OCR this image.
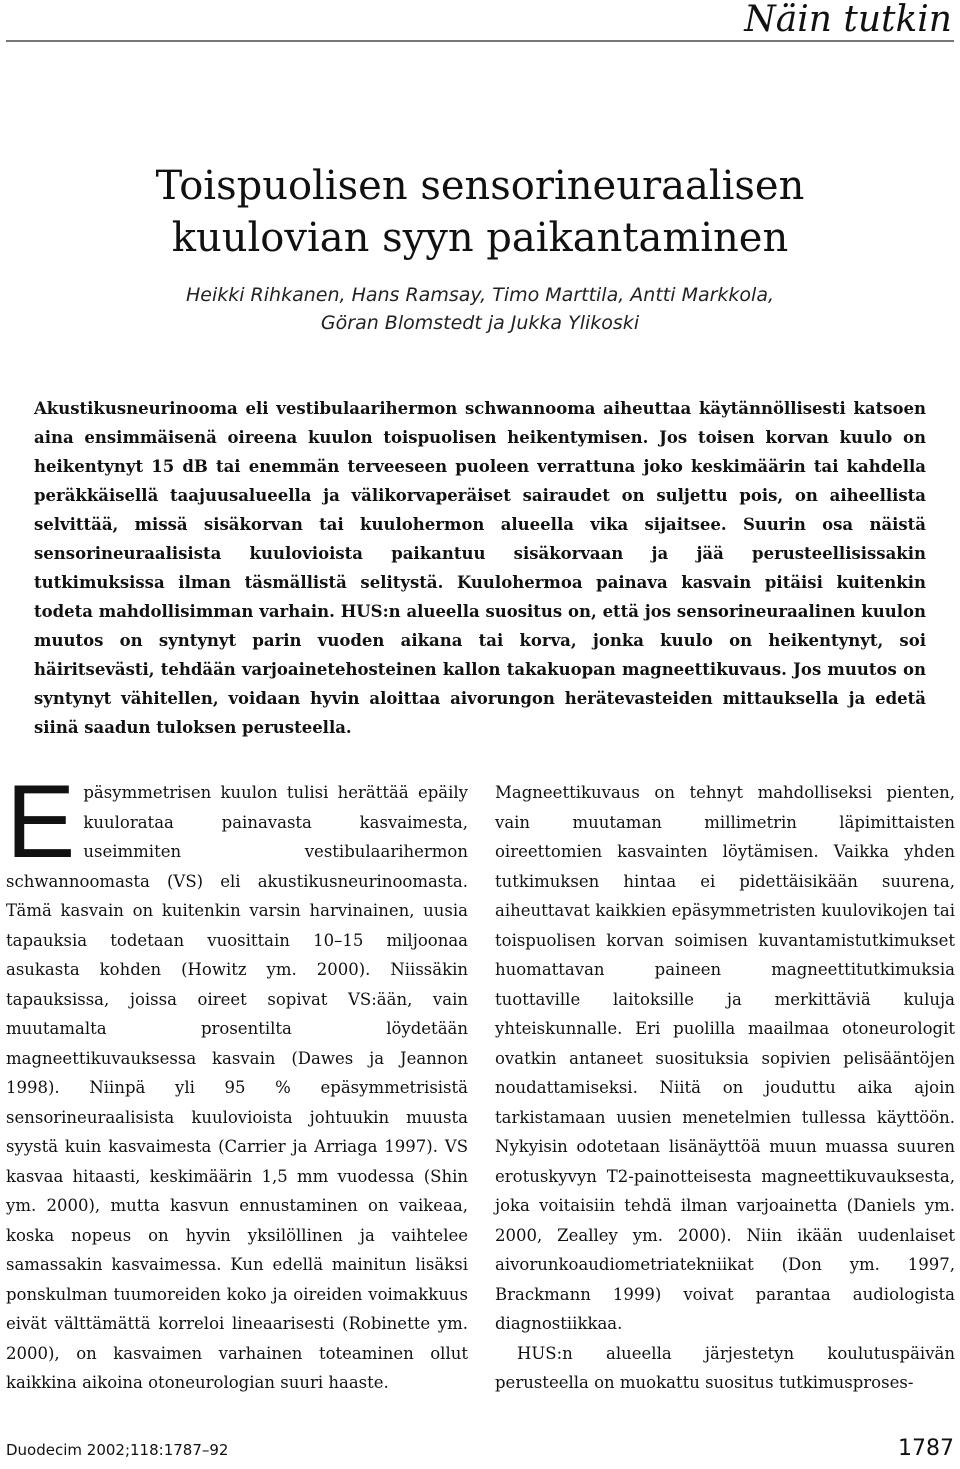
Näin tutkin
Toispuolisen sensorineuraalisen
kuulovian syyn paikantaminen
Heikki Rihkanen, Hans Ramsay, Timo Marttila, Antti Markkola,
Göran Blomstedt ja Jukka Ylikoski

Akustikusneurinooma eli vestibulaarihermon schwannooma aiheuttaa käytännöllisesti katsoen aina ensimmäisenä oireena kuulon toispuolisen heikentymisen. Jos toisen korvan kuulo on heikentynyt 15 dB tai enemmän terveeseen puoleen verrattuna joko keskimäärin tai kahdella peräkkäisellä taajuusalueella ja välikorvaperäiset sairaudet on suljettu pois, on aiheellista selvittää, missä sisäkorvan tai kuulohermon alueella vika sijaitsee. Suurin osa näistä sensorineuraalisista kuulovioista paikantuu sisäkorvaan ja jää perusteellisissakin tutkimuksissa ilman täsmällistä selitystä. Kuulohermoa painava kasvain pitäisi kuitenkin todeta mahdollisimman varhain. HUS:n alueella suositus on, että jos sensorineuraalinen kuulon muutos on syntynyt parin vuoden aikana tai korva, jonka kuulo on heikentynyt, soi häiritsevästi, tehdään varjoainetehosteinen kallon takakuopan magneettikuvaus. Jos muutos on syntynyt vähitellen, voidaan hyvin aloittaa aivorungon herätevasteiden mittauksella ja edetä siinä saadun tuloksen perusteella.

Epäsymmetrisen kuulon tulisi herättää epäily kuulorataa painavasta kasvaimesta, useimmiten vestibulaarihermon schwannoomasta (VS) eli akustikusneurinoomasta. Tämä kasvain on kuitenkin varsin harvinainen, uusia tapauksia todetaan vuosittain 10–15 miljoonaa asukasta kohden (Howitz ym. 2000). Niissäkin tapauksissa, joissa oireet sopivat VS:ään, vain muutamalta prosentilta löydetään magneettikuvauksessa kasvain (Dawes ja Jeannon 1998). Niinpä yli 95 % epäsymmetrisistä sensorineuraalisista kuulovioista johtuukin muusta syystä kuin kasvaimesta (Carrier ja Arriaga 1997). VS kasvaa hitaasti, keskimäärin 1,5 mm vuodessa (Shin ym. 2000), mutta kasvun ennustaminen on vaikeaa, koska nopeus on hyvin yksilöllinen ja vaihtelee samassakin kasvaimessa. Kun edellä mainitun lisäksi ponskulman tuumoreiden koko ja oireiden voimakkuus eivät välttämättä korreloi lineaarisesti (Robinette ym. 2000), on kasvaimen varhainen toteaminen ollut kaikkina aikoina otoneurologian suuri haaste.

Magneettikuvaus on tehnyt mahdolliseksi pienten, vain muutaman millimetrin läpimittaisten oireettomien kasvainten löytämisen. Vaikka yhden tutkimuksen hintaa ei pidettäisikään suurena, aiheuttavat kaikkien epäsymmetristen kuulovikojen tai toispuolisen korvan soimisen kuvantamistutkimukset huomattavan paineen magneettitutkimuksia tuottaville laitoksille ja merkittäviä kuluja yhteiskunnalle. Eri puolilla maailmaa otoneurologit ovatkin antaneet suosituksia sopivien pelisääntöjen noudattamiseksi. Niitä on jouduttu aika ajoin tarkistamaan uusien menetelmien tullessa käyttöön. Nykyisin odotetaan lisänäyttöä muun muassa suuren erotuskyvyn T2-painotteisesta magneettikuvauksesta, joka voitaisiin tehdä ilman varjoainetta (Daniels ym. 2000, Zealley ym. 2000). Niin ikään uudenlaiset aivorunkoaudiometriatekniikat (Don ym. 1997, Brackmann 1999) voivat parantaa audiologista diagnostiikkaa.

HUS:n alueella järjestetyn koulutuspäivän perusteella on muokattu suositus tutkimusproses-

Duodecim 2002;118:1787–92	1787
